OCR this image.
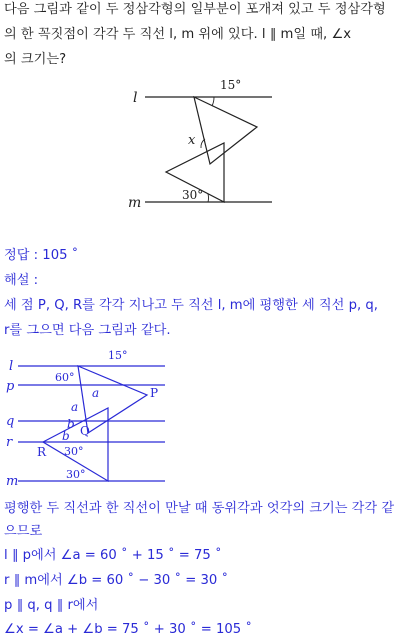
다음 그림과 같이 두 정삼각형의 일부분이 포개져 있고 두 정삼각형
의 한 꼭짓점이 각각 두 직선 l, m 위에 있다. l ∥ m일 때, ∠x
의 크기는?
l
m
15°
x
30°
정답 : 105 ˚
해설 :
세 점 P, Q, R를 각각 지나고 두 직선 l, m에 평행한 세 직선 p, q,
r를 그으면 다음 그림과 같다.
l
p
q
r
m
15°
60°
a
a
P
Q
b
b
R 30°
30°
평행한 두 직선과 한 직선이 만날 때 동위각과 엇각의 크기는 각각 같
으므로
l ∥ p에서 ∠a = 60 ˚ + 15 ˚ = 75 ˚
r ∥ m에서 ∠b = 60 ˚ − 30 ˚ = 30 ˚
p ∥ q, q ∥ r에서
∠x = ∠a + ∠b = 75 ˚ + 30 ˚ = 105 ˚
